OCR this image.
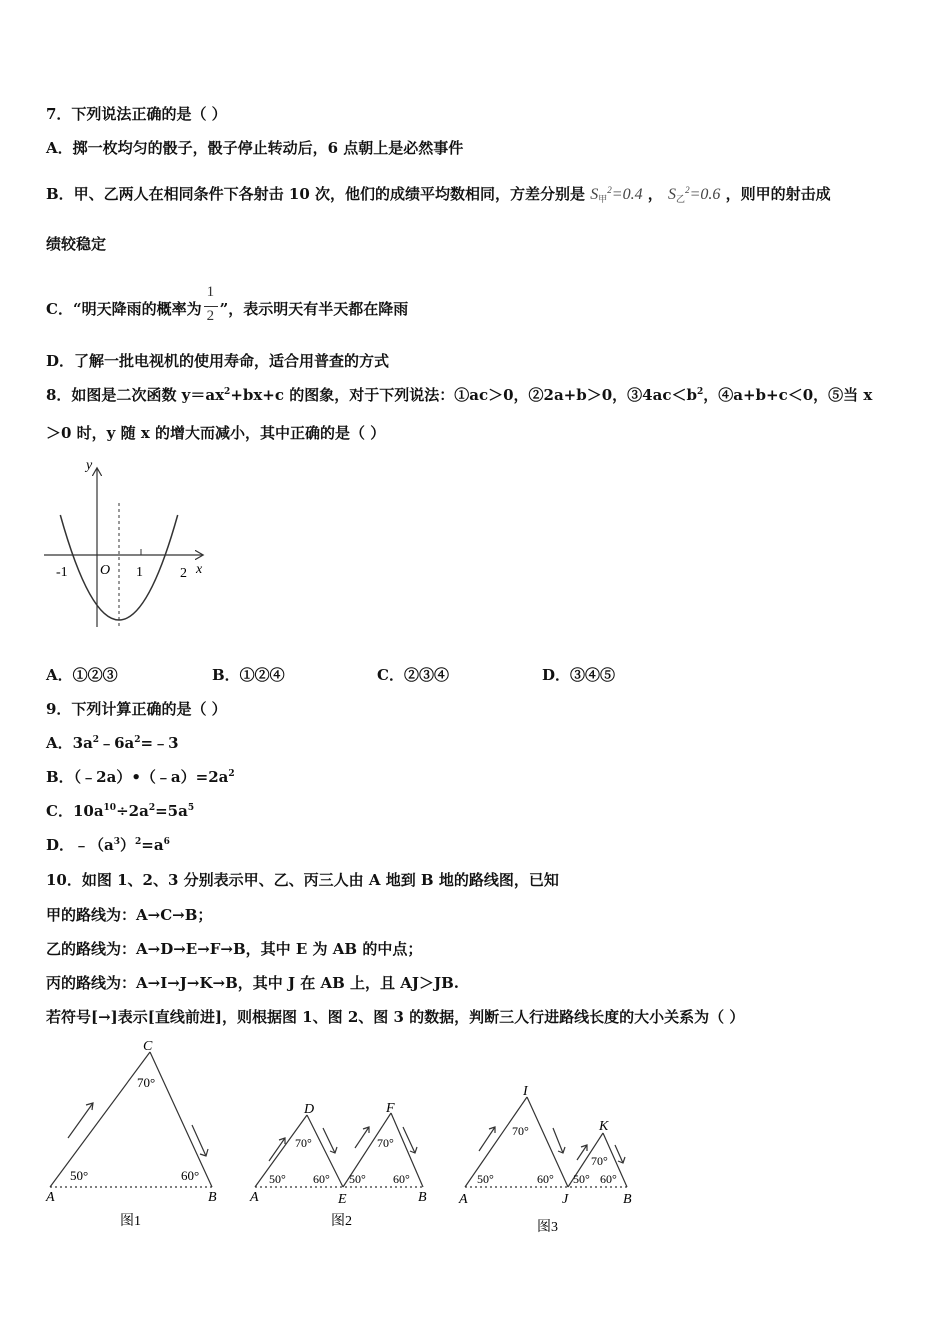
7．下列说法正确的是（ ）
A．掷一枚均匀的骰子，骰子停止转动后，6 点朝上是必然事件
B．甲、乙两人在相同条件下各射击 10 次，他们的成绩平均数相同，方差分别是 $S_甲^2=0.4$ ， $S_乙^2=0.6$ ，则甲的射击成
绩较稳定
C．“明天降雨的概率为 $\frac{1}{2}$ ”，表示明天有半天都在降雨
D．了解一批电视机的使用寿命，适合用普查的方式
8．如图是二次函数 $y=ax^2+bx+c$ 的图象，对于下列说法：①ac＞0，②2a+b＞0，$③4ac<b^2$，④a+b+c＜0，⑤当 x
＞0 时，y 随 x 的增大而减小，其中正确的是（ ）
y
x
O
-1	1	2
A．①②③	B．①②④	C．②③④	D．③④⑤
9．下列计算正确的是（ ）
A．$3a^2﹣6a^2=﹣3$
B．$(﹣2a)•(﹣a)=2a^2$
C．$10a^{10}\div 2a^2=5a^5$
D．$﹣(a^3)^2=a^6$
10．如图 1、2、3 分别表示甲、乙、丙三人由 A 地到 B 地的路线图，已知
甲的路线为：A→C→B；
乙的路线为：A→D→E→F→B，其中 E 为 AB 的中点；
丙的路线为：A→I→J→K→B，其中 J 在 AB 上，且 AJ＞JB.
若符号[→]表示[直线前进]，则根据图 1、图 2、图 3 的数据，判断三人行进路线长度的大小关系为（ ）
C
70°
50°	60°
A	B
图1
D	F
70°	70°
50° 60° 50° 60°
A	E	B
图2
I
K
70°
70°
50°	60° 50° 60°
A	J	B
图3
